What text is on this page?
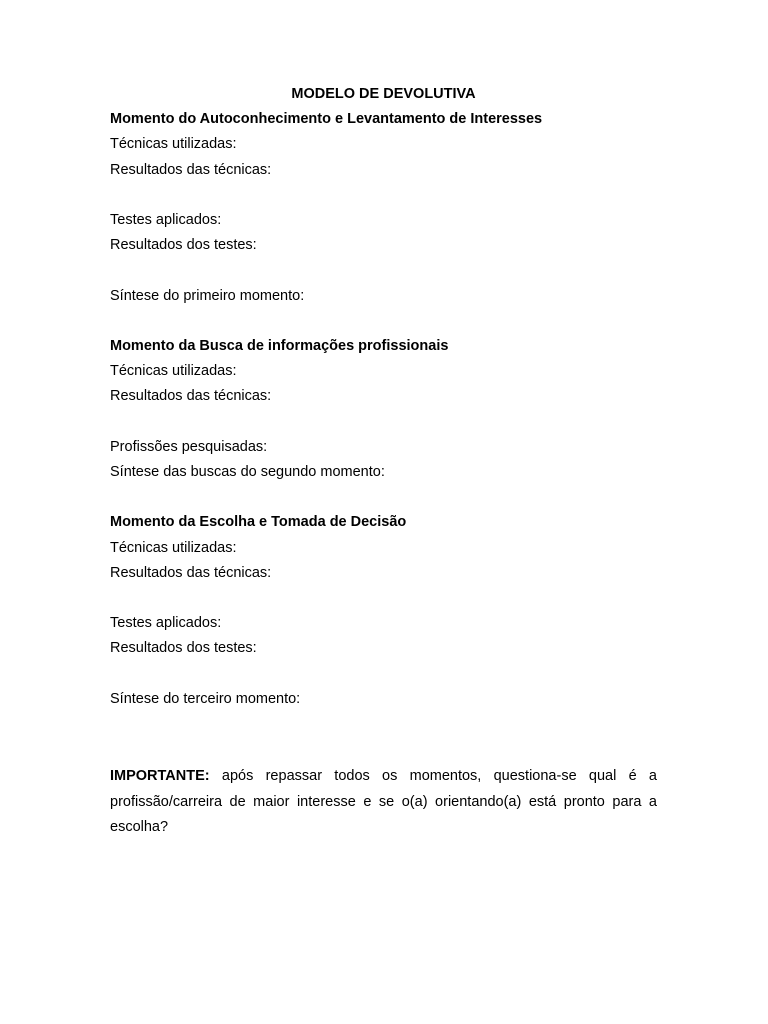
MODELO DE DEVOLUTIVA
Momento do Autoconhecimento e Levantamento de Interesses
Técnicas utilizadas:
Resultados das técnicas:
Testes aplicados:
Resultados dos testes:
Síntese do primeiro momento:
Momento da Busca de informações profissionais
Técnicas utilizadas:
Resultados das técnicas:
Profissões pesquisadas:
Síntese das buscas do segundo momento:
Momento da Escolha e Tomada de Decisão
Técnicas utilizadas:
Resultados das técnicas:
Testes aplicados:
Resultados dos testes:
Síntese do terceiro momento:
IMPORTANTE: após repassar todos os momentos, questiona-se qual é a profissão/carreira de maior interesse e se o(a) orientando(a) está pronto para a escolha?
